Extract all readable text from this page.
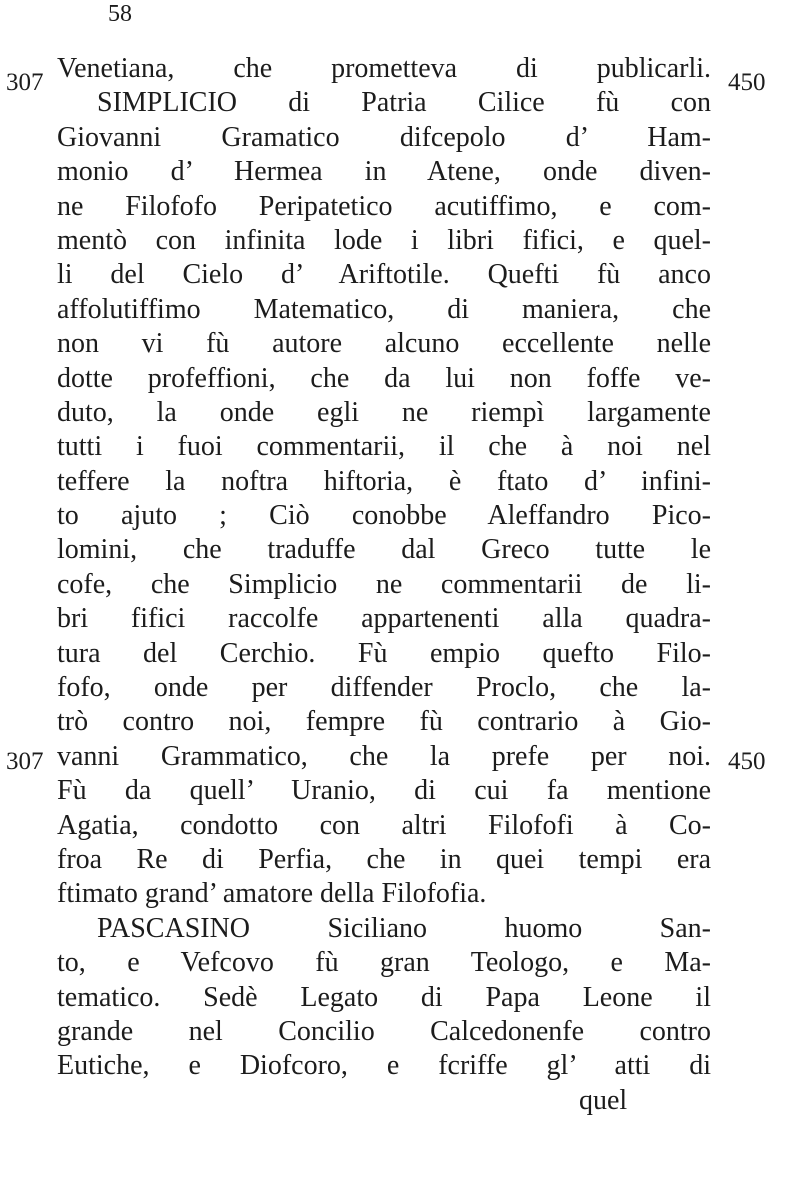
58
307	450
307	450
Venetiana, che prometteva di publicarli.
SIMPLICIO di Patria Cilice fù con
Giovanni Gramatico difcepolo d’ Ham-
monio d’ Hermea in Atene, onde diven-
ne Filofofo Peripatetico acutiffimo, e com-
mentò con infinita lode i libri fifici, e quel-
li del Cielo d’ Ariftotile. Quefti fù anco
affolutiffimo Matematico, di maniera, che
non vi fù autore alcuno eccellente nelle
dotte profeffioni, che da lui non foffe ve-
duto, la onde egli ne riempì largamente
tutti i fuoi commentarii, il che à noi nel
teffere la noftra hiftoria, è ftato d’ infini-
to ajuto ; Ciò conobbe Aleffandro Pico-
lomini, che traduffe dal Greco tutte le
cofe, che Simplicio ne commentarii de li-
bri fifici raccolfe appartenenti alla quadra-
tura del Cerchio. Fù empio quefto Filo-
fofo, onde per diffender Proclo, che la-
trò contro noi, fempre fù contrario à Gio-
vanni Grammatico, che la prefe per noi.
Fù da quell’ Uranio, di cui fa mentione
Agatia, condotto con altri Filofofi à Co-
froa Re di Perfia, che in quei tempi era
ftimato grand’ amatore della Filofofia.
PASCASINO Siciliano huomo San-
to, e Vefcovo fù gran Teologo, e Ma-
tematico. Sedè Legato di Papa Leone il
grande nel Concilio Calcedonenfe contro
Eutiche, e Diofcoro, e fcriffe gl’ atti di
quel
